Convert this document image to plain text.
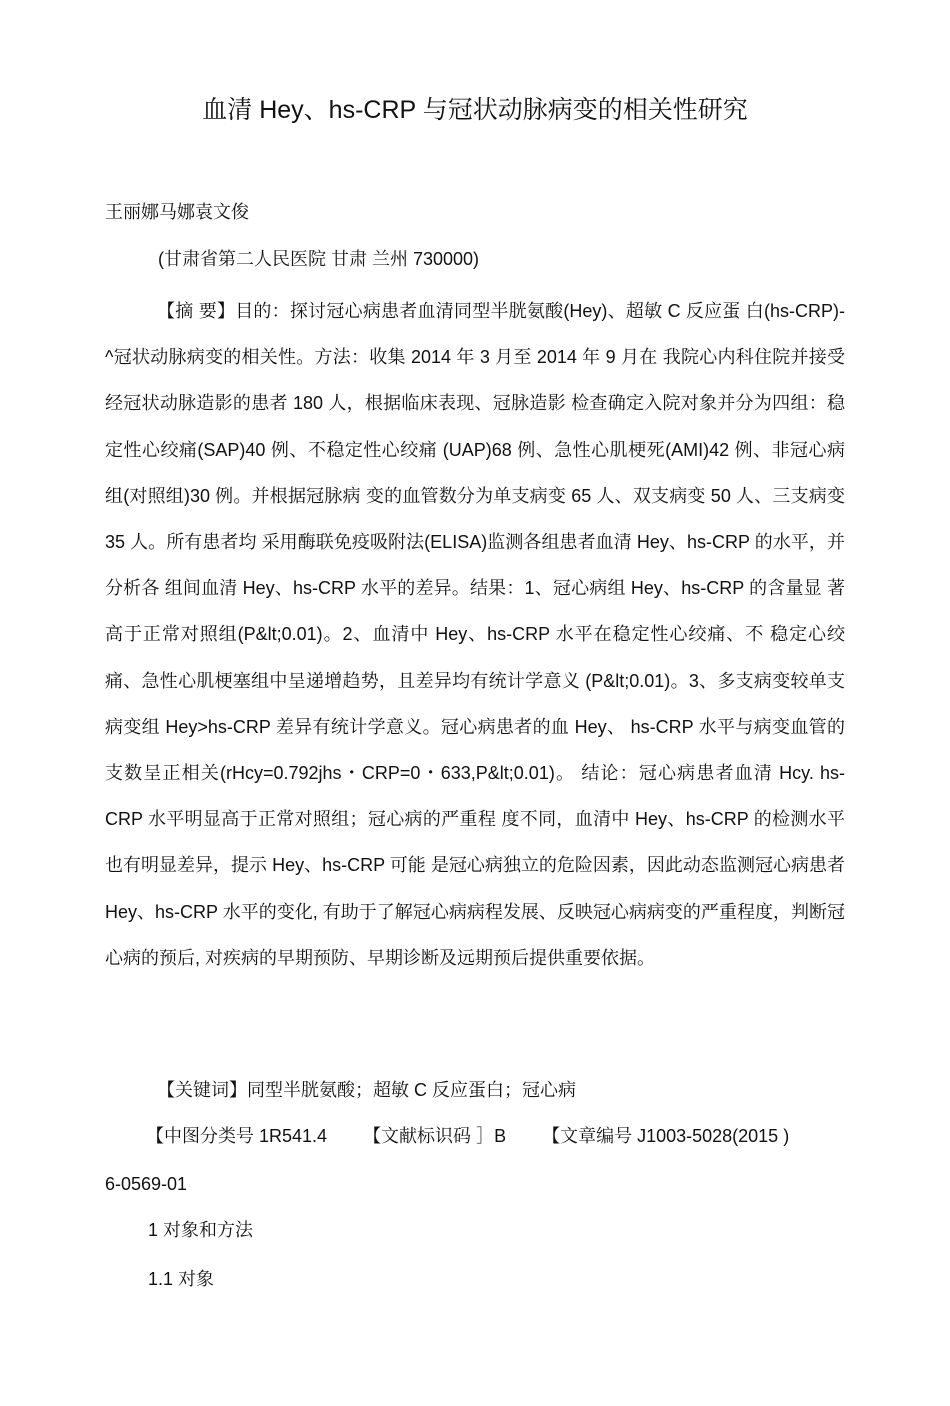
血清 Hey、hs-CRP 与冠状动脉病变的相关性研究
王丽娜马娜袁文俊
(甘肃省第二人民医院 甘肃 兰州 730000)

【摘 要】目的：探讨冠心病患者血清同型半胱氨酸(Hey)、超敏 C 反应蛋 白(hs-CRP)-^冠状动脉病变的相关性。方法：收集 2014 年 3 月至 2014 年 9 月在 我院心内科住院并接受经冠状动脉造影的患者 180 人，根据临床表现、冠脉造影 检查确定入院对象并分为四组：稳定性心绞痛(SAP)40 例、不稳定性心绞痛 (UAP)68 例、急性心肌梗死(AMI)42 例、非冠心病组(对照组)30 例。并根据冠脉病 变的血管数分为单支病变 65 人、双支病变 50 人、三支病变 35 人。所有患者均 采用酶联免疫吸附法(ELISA)监测各组患者血清 Hey、hs-CRP 的水平，并分析各 组间血清 Hey、hs-CRP 水平的差异。结果：1、冠心病组 Hey、hs-CRP 的含量显 著高于正常对照组(P&lt;0.01)。2、血清中 Hey、hs-CRP 水平在稳定性心绞痛、不 稳定心绞痛、急性心肌梗塞组中呈递增趋势，且差异均有统计学意义 (P&lt;0.01)。3、多支病变较单支病变组 Hey>hs-CRP 差异有统计学意义。冠心病患者的血 Hey、 hs-CRP 水平与病变血管的支数呈正相关(rHcy=0.792jhs・CRP=0・633,P&lt;0.01)。 结论：冠心病患者血清 Hcy. hs-CRP 水平明显高于正常对照组；冠心病的严重程 度不同，血清中 Hey、hs-CRP 的检测水平也有明显差异，提示 Hey、hs-CRP 可能 是冠心病独立的危险因素，因此动态监测冠心病患者 Hey、hs-CRP 水平的变化, 有助于了解冠心病病程发展、反映冠心病病变的严重程度，判断冠心病的预后, 对疾病的早期预防、早期诊断及远期预后提供重要依据。

【关键词】同型半胱氨酸；超敏 C 反应蛋白；冠心病
【中图分类号 1R541.4 【文献标识码 ］B 【文章编号 J1003-5028(2015 )
6-0569-01
1 对象和方法
1.1 对象
